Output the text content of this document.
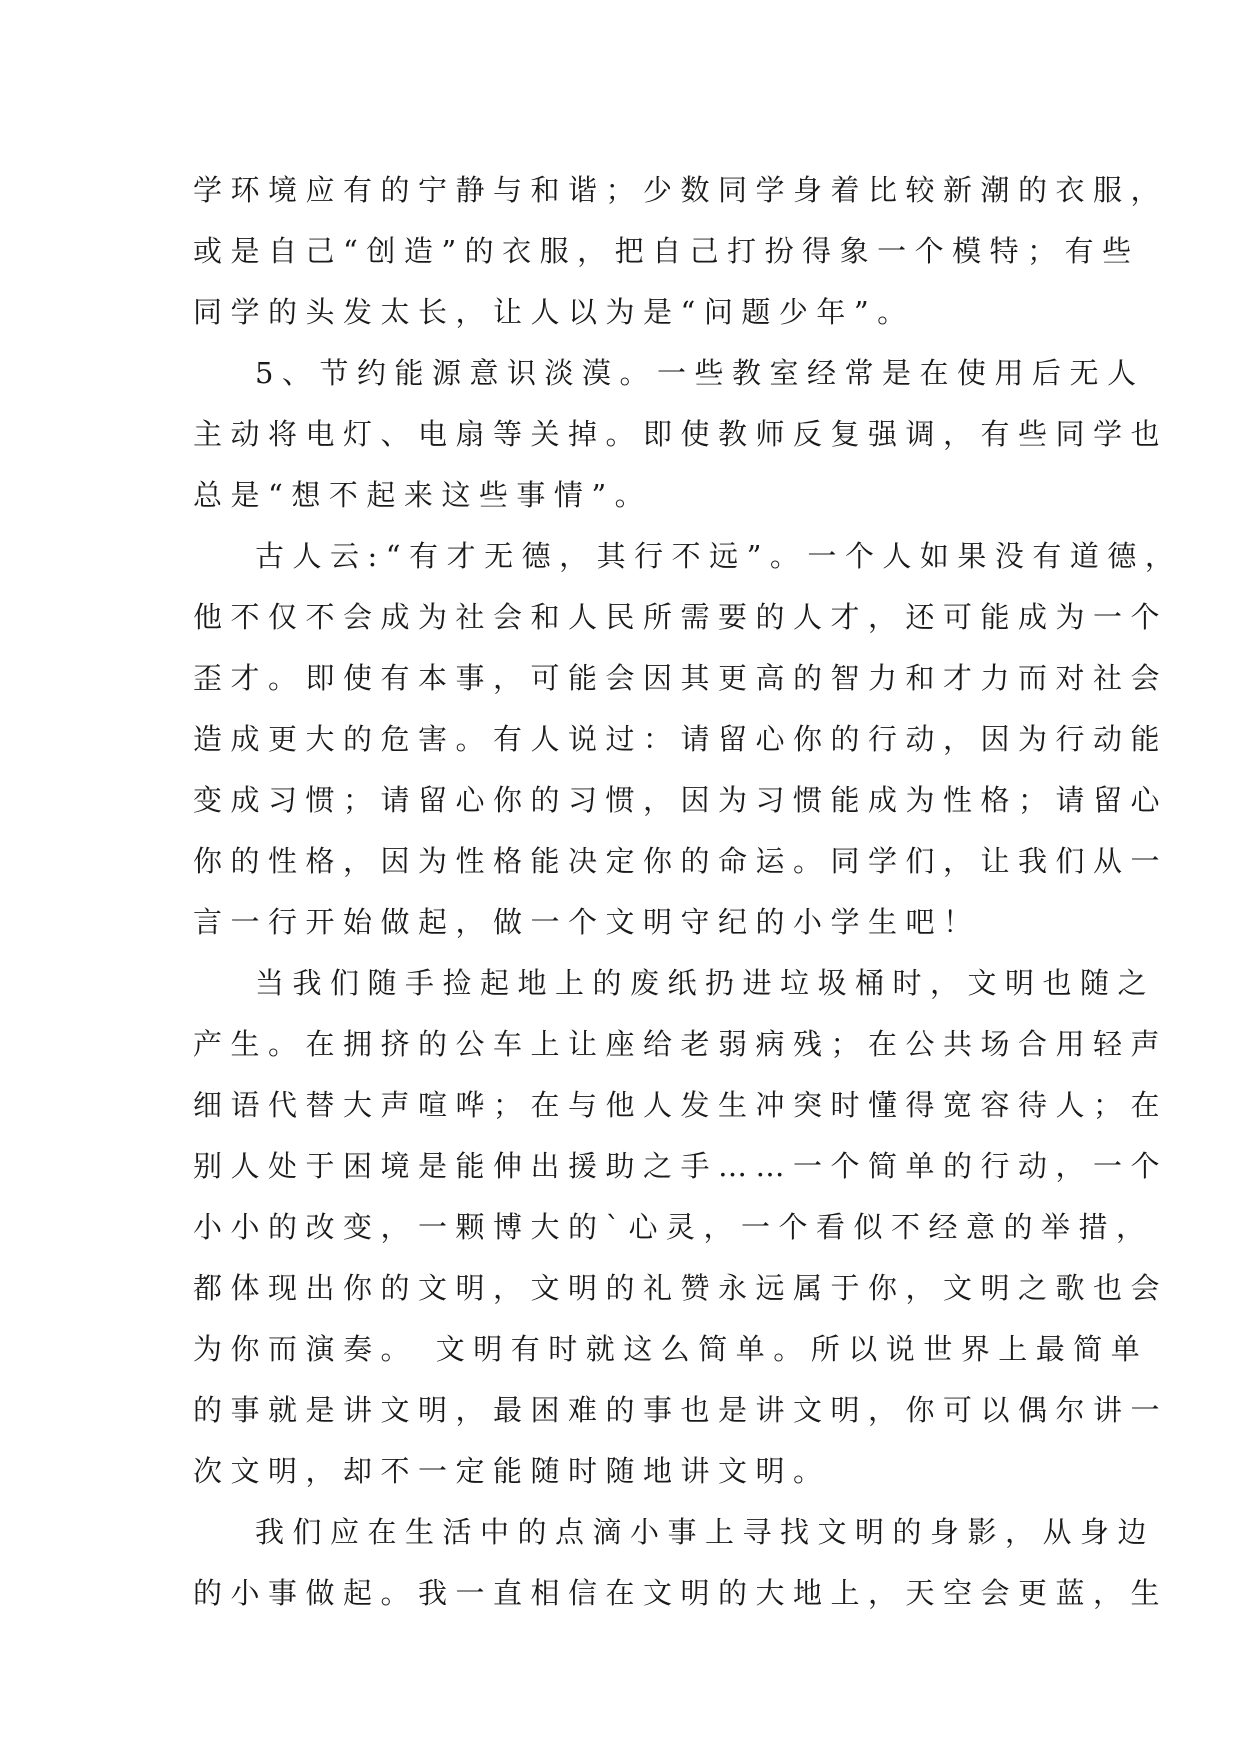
学环境应有的宁静与和谐；少数同学身着比较新潮的衣服，
或是自己“创造”的衣服，把自己打扮得象一个模特；有些
同学的头发太长，让人以为是“问题少年”。
5、节约能源意识淡漠。一些教室经常是在使用后无人
主动将电灯、电扇等关掉。即使教师反复强调，有些同学也
总是“想不起来这些事情”。
古人云:“有才无德，其行不远”。一个人如果没有道德，
他不仅不会成为社会和人民所需要的人才，还可能成为一个
歪才。即使有本事，可能会因其更高的智力和才力而对社会
造成更大的危害。有人说过：请留心你的行动，因为行动能
变成习惯；请留心你的习惯，因为习惯能成为性格；请留心
你的性格，因为性格能决定你的命运。同学们，让我们从一
言一行开始做起，做一个文明守纪的小学生吧！
当我们随手捡起地上的废纸扔进垃圾桶时，文明也随之
产生。在拥挤的公车上让座给老弱病残；在公共场合用轻声
细语代替大声喧哗；在与他人发生冲突时懂得宽容待人；在
别人处于困境是能伸出援助之手……一个简单的行动，一个
小小的改变，一颗博大的`心灵，一个看似不经意的举措，
都体现出你的文明，文明的礼赞永远属于你，文明之歌也会
为你而演奏。 文明有时就这么简单。所以说世界上最简单
的事就是讲文明，最困难的事也是讲文明，你可以偶尔讲一
次文明，却不一定能随时随地讲文明。
我们应在生活中的点滴小事上寻找文明的身影，从身边
的小事做起。我一直相信在文明的大地上，天空会更蓝，生
